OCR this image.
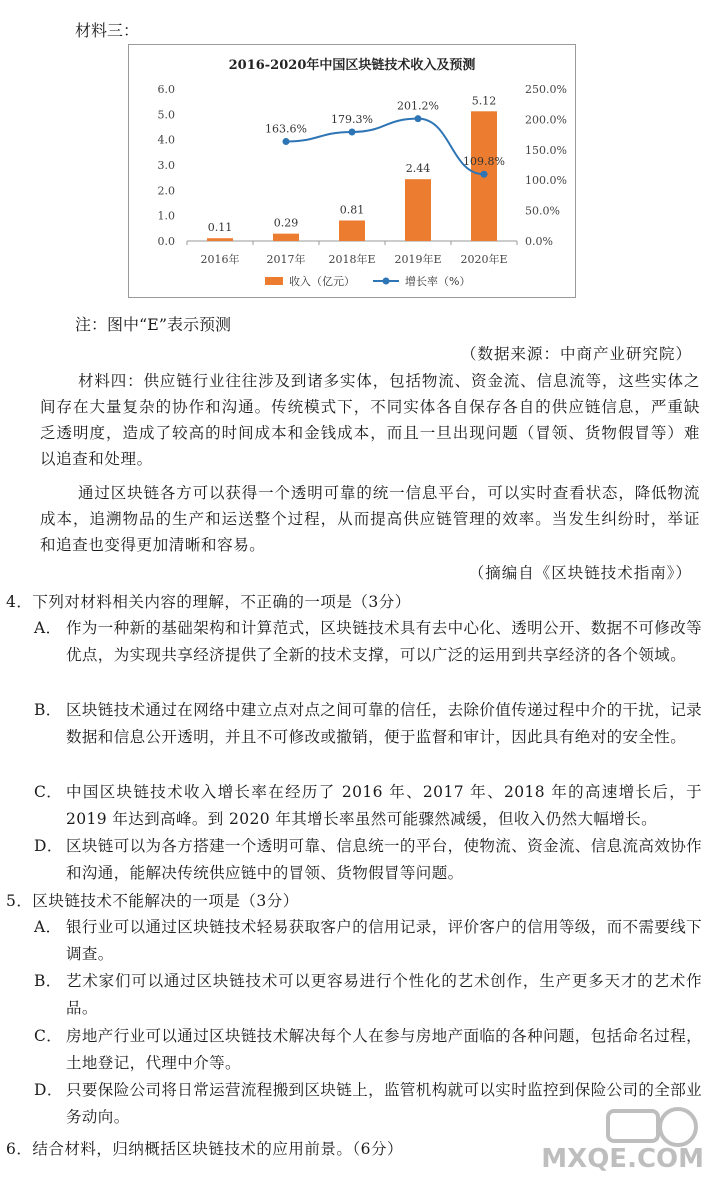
材料三：
2016-2020年中国区块链技术收入及预测
0.11	0.29
0.81
2.44
5.12
163.6%
179.3%
201.2%
109.8%
0.0
1.0
2.0
3.0
4.0
5.0
6.0
0.0%
50.0%
100.0%
150.0%
200.0%
250.0%
2016年 2017年 2018年E 2019年E 2020年E
收入（亿元）	增长率（%）
注：图中“E”表示预测
（数据来源：中商产业研究院）
材料四：供应链行业往往涉及到诸多实体，包括物流、资金流、信息流等，这些实体之间存在大量复杂的协作和沟通。传统模式下，不同实体各自保存各自的供应链信息，严重缺乏透明度，造成了较高的时间成本和金钱成本，而且一旦出现问题（冒领、货物假冒等）难以追查和处理。
通过区块链各方可以获得一个透明可靠的统一信息平台，可以实时查看状态，降低物流成本，追溯物品的生产和运送整个过程，从而提高供应链管理的效率。当发生纠纷时，举证和追查也变得更加清晰和容易。
（摘编自《区块链技术指南》）
4．下列对材料相关内容的理解，不正确的一项是（3分）
A． 作为一种新的基础架构和计算范式，区块链技术具有去中心化、透明公开、数据不可修改等优点，为实现共享经济提供了全新的技术支撑，可以广泛的运用到共享经济的各个领域。
B． 区块链技术通过在网络中建立点对点之间可靠的信任，去除价值传递过程中介的干扰，记录数据和信息公开透明，并且不可修改或撤销，便于监督和审计，因此具有绝对的安全性。
C． 中国区块链技术收入增长率在经历了 2016 年、2017 年、2018 年的高速增长后，于 2019 年达到高峰。到 2020 年其增长率虽然可能骤然减缓，但收入仍然大幅增长。
D． 区块链可以为各方搭建一个透明可靠、信息统一的平台，使物流、资金流、信息流高效协作和沟通，能解决传统供应链中的冒领、货物假冒等问题。
5．区块链技术不能解决的一项是（3分）
A． 银行业可以通过区块链技术轻易获取客户的信用记录，评价客户的信用等级，而不需要线下调查。
B． 艺术家们可以通过区块链技术可以更容易进行个性化的艺术创作，生产更多天才的艺术作品。
C． 房地产行业可以通过区块链技术解决每个人在参与房地产面临的各种问题，包括命名过程，土地登记，代理中介等。
D． 只要保险公司将日常运营流程搬到区块链上，监管机构就可以实时监控到保险公司的全部业务动向。
6．结合材料，归纳概括区块链技术的应用前景。（6分）	MXQE.COM
